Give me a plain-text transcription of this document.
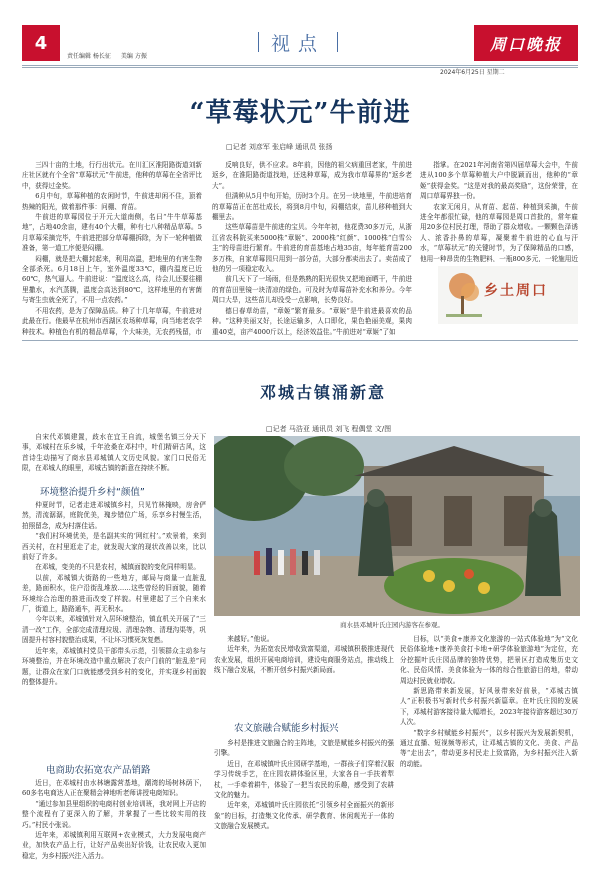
4
责任编辑 杨长征 美编 方振
视点	周口晚报
2024年6月25日 星期二
“草莓状元”牛前进
□记者 刘彦军 张启峰 通讯员 张扬

三四十亩的土地，行行出状元。在川汇区淮阳路街道刘新庄社区就有个全省“草莓状元”牛前进，他种的草莓在全省评比中，获得过金奖。

6月中旬，草莓种植的农闲时节，牛前进却闲不住，顶着热辣的阳光，做着那件事：问棚、育苗。

牛前进的草莓园位于开元大道南侧，名曰“牛牛草莓基地”，占地40余亩，建有40个大棚，种有七八种精品草莓。5月草莓采摘完毕，牛前进把部分草莓棚拆除，为下一轮种植做准备，第一道工序便是闷棚。

闷棚，就是把大棚封起来，利用高温，把地里的有害生物全部杀死。6月18日上午，室外温度33℃，棚内温度已近60℃，热气逼人。牛前进说：“温度这么高，待会儿还要往棚里撒水，水汽蒸腾，温度会高达到80℃，这样地里的有害菌与寄生虫就全死了，不用一点农药。”

不用农药，是为了保障品质。种了十几年草莓，牛前进对此最在行。他最早在杭州市西湖区农场种草莓，向当地老农学种技术。种植色有机的精品草莓，个大味美，无农药残留，市

反响良好，供不应求。8年前，因他的祖父病重回老家，牛前进返乡，在淮阳路街道找地，还选种草莓，成为我市草莓界的“返乡老大”。

但满种从5月中旬开始，历时3个月。在另一块地里，牛前进培育的草莓苗正在茁壮成长，将到8月中旬，闷棚结束，苗儿移种植到大棚里去。

这些草莓苗是牛前进的宝贝。今年年初，他花费30多万元，从浙江省农科院买来5000株“章姬”、2000株“红颜”、1000株“白雪公主”的母苗进行繁育。牛前进的育苗基地占地35亩，每年能育苗200多万株，自家草莓园只用到一部分苗，大部分都卖出去了。卖苗成了他的另一项稳定收入。

前几天下了一场雨，但是熟熟的阳光很快又把地面晒干，牛前进的育苗田里镜一块清凉的绿色。可及时为草莓苗补充水和养分。今年周口大旱，这些苗儿却没受一点影响，长势良好。

德日春草幼苗，“章姬”繁育最多。“章姬”是牛前进最喜欢的品种。“这种美丽又好，长途运输多，人口即化，果色艳丽美观，果肉重40克，亩产4000斤以上，经济效益佳。”牛前进对“章姬”了如

指掌。在2021年河南省第四届草莓大会中，牛前进从100多个草莓种植大户中脱颖而出，他种的“章姬”获得金奖。“这是对我的最高奖励”，这份荣誉，在周口草莓界独一份。

农家无闲月，从育苗、起苗、种植到采摘，牛前进全年都很忙碌，他的草莓园是周口首批的，常年雇用20多位村民打理，帮助了群众增收。一颗颗色泽诱人、浓香扑鼻的草莓，凝聚着牛前进的心血与汗水，“草莓状元”的关键时节，为了保障精品的口感，他用一种昂贵的生物肥料，一瓶800多元，一轮施用近

乡土周口
邓城古镇涌新意
□记者 马浩亚 通讯员 刘飞 程偶堂 文/图

自宋代邓镇建置，歧水在宜王自流，城堡名镇三分天下事，邓城村在乐乡城，千年沧桑在邓村中，叶们精研古风，这首诗生动描写了商水县邓城镇人文历史风貌。家门口民俗无限，在邓城人的眼里，邓城古镇的新意在持续不断。

环境整治提升乡村“颜值”

仲夏时节，记者走进邓城镇乡村，只见竹林掩映，房舍俨然，清流潺潺，庭院优美，瑰步错位广场，乐享乡村慢生活，拍照留念，成为村落佳话。

“我们村环境优美，是名副其实的‘网红村’。”欢景着，来到西关村，在村里逛走了走，就发现大家的现状改善以来，比以前好了许多。

在邓城，变美的不只是农村，城镇面貌的变化同样明显。

以前，邓城镇大街路的一些地方，邮局与商量一直脏乱差，路面积水，住户沿街乱堆放……这些曾经的旧面貌，随着环境综合治理的推进而改变了样貌。村里建起了三个自来水厂，街道上，路路通车，再无积水。

今年以来，邓城镇针对入居环境整治，镇直机关开展了“三清一改”工作，全部完成清理垃圾、清理杂物、清理沟渠等，巩固提升村容村貌整治成果，不让坏习惯死灰复燃。

近年来，邓城镇村党员干部带头示范，引领群众主动参与环境整治，并在环境改造中重点解决了农户门前的“脏乱差”问题，让群众在家门口就能感受到乡村的变化，并实现乡村面貌的整体提升。

电商助农拓宽农产品销路

近日，在邓城村由水林塘露营基地，潮湾的场树林荫下，60多名电商达人正在聚精会神地听老师讲授电商知识。

“通过参加县里组织的电商村创业培训班，我对网上开店的整个流程有了更深入的了解，并掌握了一些比较实用的技巧。”村民小张说。

近年来，邓城镇利用互联网+农业模式，大力发展电商产业，加快农产品上行，让好产品卖出好价钱，让农民收入更加稳定，为乡村振兴注入活力。

商水县邓城叶氏庄园内游客在参观。

来越好。”他说。

近年来，为拓宽农民增收致富渠道，邓城镇积极推进现代农业发展，组织开展电商培训，建设电商服务站点，推动线上线下融合发展，不断开创乡村振兴新局面。

农文旅融合赋能乡村振兴

乡村是推进文旅融合的主阵地，文旅是赋能乡村振兴的强引擎。

近日，在邓城镇叶氏庄园研学基地，一群孩子们穿着汉服学习传统手艺，在庄园农耕体验区里，大家各自一手扶着犁杖，一手牵着耕牛，体验了一把当农民的乐趣，感受到了农耕文化的魅力。

近年来，邓城镇叶氏庄园依托“引领乡村全面振兴的新形象”的目标，打造集文化传承、研学教育、休闲观光于一体的文旅融合发展模式。

目标，以“美食+康养文化旅游的一站式体验地”为“文化民俗体验地+康养美食打卡地+研学体验旅游地”为定位，充分挖掘叶氏庄园品牌的独特优势，把景区打造成集历史文化、民俗风情、美食体验为一体的综合性旅游目的地，带动周边村民就业增收。

新思路带来新发展，好风景带来好前景，“邓城古镇人”正积极书写新时代乡村振兴新篇章。在叶氏庄园的发展下，邓城村游客接待量大幅增长，2023年接待游客超过30万人次。

“数字乡村赋能乡村振兴”，以乡村振兴为发展新契机，通过直播、短视频等形式，让邓城古镇的文化、美食、产品等“走出去”，带动更多村民走上致富路，为乡村振兴注入新的动能。
